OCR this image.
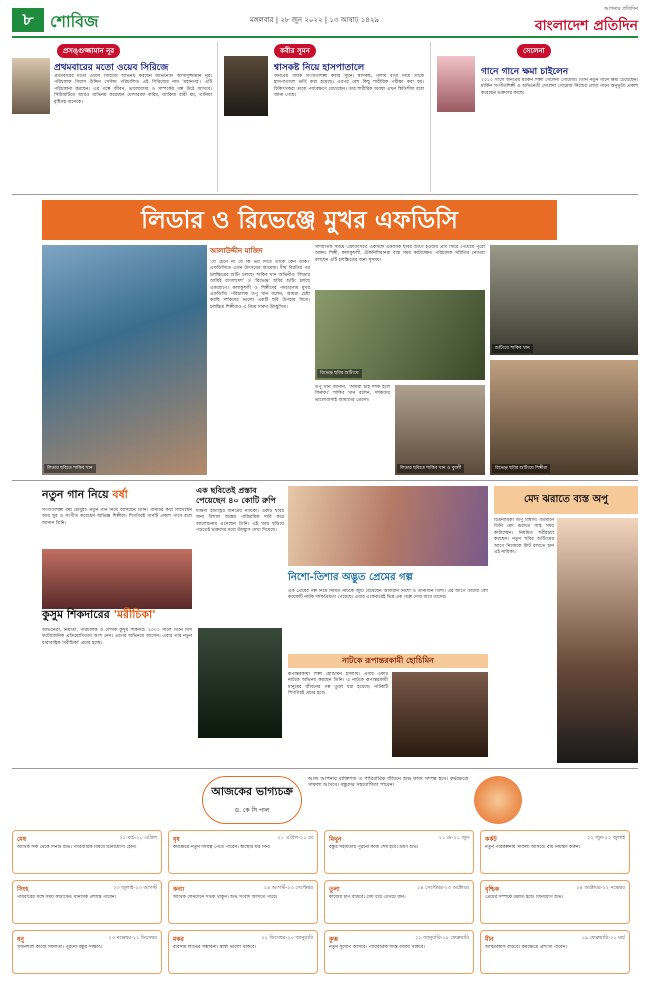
৮	শোবিজ	মঙ্গলবার | ২৮ জুন ২০২২ | ১৩ আষাঢ় ১৪২৯
আপনার প্রতিদিন
বাংলাদেশ প্রতিদিন
প্রসঙ্গুজ্জামান নূর
প্রথমবারের মতো ওয়েব সিরিজে
প্রথমবারের মতো ওয়েব সিরিজে অভিনয় করছেন অভিনেতা আসাদুজ্জামান নূর। পরিচালক গিয়াস উদ্দিন সেলিম পরিচালিত এই সিরিজের নাম 'মহানগর'। এটি পরিচালনা করছেন। এর গল্পে জীবন, ভালোবাসা ও সম্পর্কের গল্প উঠে আসবে। সিরিজটিতে আরও অভিনয় করেছেন মোশাররফ করিম, জাকিয়া বারী মম, তানিয়া বৃষ্টিসহ অনেকে।
কবীর সুমন
শ্বাসকষ্ট নিয়ে হাসপাতালে
জনপ্রিয় গায়ক সংগীতশিল্পী কবীর সুমন। শ্বাসকষ্ট, গলায় ব্যথা নিয়ে তাকে হাসপাতালে ভর্তি করা হয়েছে। এরপর বেশ কিছু শারীরিক পরীক্ষা করা হয়। চিকিৎসকরা তাকে পর্যবেক্ষণে রেখেছেন। তার শারীরিক অবস্থা এখন স্থিতিশীল বলে জানা গেছে।
সেলেনা
গানে গানে ক্ষমা চাইলেন
২০১০ সালে জনপ্রিয় মার্কিন শিল্পী সেলেনা গোমেজ। তিনি নতুন গানে ক্ষমা চেয়েছেন। মার্কিন সংগীতশিল্পী ও অভিনেত্রী সেলেনা গোমেজ নিজের লেখা গানে অনুভূতি প্রকাশ করেছেন ভক্তদের কাছে।
লিডার ও রিভেঞ্জে মুখর এফডিসি
লিডার ছবিতে শাকিব খান
আলাউদ্দীন মাজিদ
'যে চেনে না যে কি ভয় দিতে তাকে কেন ডাক।' এফডিসিতে এখন উৎসবের আমেজ। দীর্ঘ বিরতির পর চলচ্চিত্রের শুটিং চলছে। শাকিব খান অভিনীত 'লিডার আমিই বাংলাদেশ' ও 'রিভেঞ্জ' ছবির শুটিং চলছে একযোগে। কলাকুশলী ও শিল্পীদের পদচারণায় মুখর এফডিসি। পরিচালক তপু খান বলেন, আমরা চেষ্টা করছি দর্শকদের ভালো একটি ছবি উপহার দিতে। চলচ্চিত্র শিল্পীরাও এ নিয়ে দারুণ উচ্ছ্বসিত।
সাম্প্রতিক সময়ে এফডিসিতে একসঙ্গে একাধিক ছবির শুটিং হওয়ায় প্রাণ ফিরে পেয়েছে পুরো অঙ্গন। শিল্পী, কলাকুশলী, টেকনিশিয়ানরা ব্যস্ত সময় কাটাচ্ছেন। পরিচালক সমিতির নেতারা বলছেন এটি চলচ্চিত্রের জন্য সুসময়।
রিভেঞ্জ ছবির শুটিংয়ে
তপু খান জানান, 'আমরা চাই দর্শক হলে ফিরুক।' শাকিব খান বলেন, দর্শকদের ভালোবাসাই আমাদের প্রেরণা।
লিডার ছবিতে শাকিব খান ও বুবলী
শুটিংয়ে শাকিব খান
রিভেঞ্জ ছবির শুটিংয়ে শিল্পীরা
নতুন গান নিয়ে বর্ষা
সংগীতশিল্পী বর্ষা চৌধুরী। নতুন গান নিয়ে আসছেন তিনি। গানটির কথা লিখেছেন আর সুর ও সংগীত করেছেন অভিজ্ঞ শিল্পীরা। শিগগিরই গানটি প্রকাশ পাবে বলে জানান তিনি।
এক ছবিতেই প্রস্তাব পেয়েছেন ৪০ কোটি রুপি
দক্ষিণী ইন্ডাস্ট্রির জনপ্রিয় নায়িকা। একটি ছবির জন্য বিশাল অঙ্কের পারিশ্রমিক দাবি করে আলোচনায় এসেছেন তিনি। এই খবর ছড়িয়ে পড়তেই ভক্তদের মধ্যে উচ্ছ্বাস দেখা দিয়েছে।
নিশো-তিশার অদ্ভুত প্রেমের গল্প
এক প্রেমের গল্প নিয়ে নির্মিত নাটকে জুটি বেঁধেছেন আফরান নিশো ও তানজিন তিশা। এর আগে তাদের বেশ কয়েকটি নাটক দর্শকপ্রিয়তা পেয়েছে। এবার একেবারেই ভিন্ন এক গল্পে দেখা যাবে তাদের।
মেদ ঝরাতে ব্যস্ত অপু
চিত্রনায়িকা অপু বিশ্বাস। বর্তমানে তিনি মেদ ঝরাতে ব্যস্ত সময় কাটাচ্ছেন। নিয়মিত শরীরচর্চা করছেন। নতুন ছবির শুটিংয়ের আগে নিজেকে ফিট রাখতে চান এই নায়িকা।
কুসুম শিকদারের 'মরীচিকা'
অভিনেত্রী, নির্মাতা, পরিচালক ও লেখক কুসুম শিকদার। ২০০১ সালে তিনি মিস ফটোজেনিক প্রতিযোগিতায় অংশ নেন। এরপর অভিনয়ে আসেন। এবার তার নতুন ধারাবাহিক 'মরীচিকা' প্রচার হচ্ছে।
নাটকে রূপান্তরকামী হোচিমিন
রূপান্তরকামী শিল্পী হোচিমিন ইসলাম। এবার একটি নাটকে অভিনয় করছেন তিনি। এ নাটকে রূপান্তরকামী মানুষের জীবনের গল্প তুলে ধরা হয়েছে। নাটকটি শিগগিরই প্রচার হবে।
আজকের ভাগ্যচক্র
ড. কে সি পাল
আজ আপনার ব্যক্তিগত ও পারিবারিক জীবনে শুভ কাজ সম্পন্ন হবে। কর্মক্ষেত্রে সাফল্য আসবে। বন্ধুদের সহযোগিতা পাবেন।
মেষ	২১ মার্চ-২০ এপ্রিল
আর্থিক দিক থেকে দিনটি শুভ। পারিবারিক বিষয়ে মনোযোগী হোন।
বৃষ	২১ এপ্রিল-২০ মে
কর্মক্ষেত্রে নতুন দায়িত্ব পেতে পারেন। স্বাস্থ্যের যত্ন নিন।
মিথুন	২১ মে-২১ জুন
বন্ধুর সহায়তায় পুরনো কাজ শেষ হবে। ভ্রমণ শুভ।
কর্কট	২২ জুন-২২ জুলাই
নতুন পরিকল্পনায় সাফল্য আসবে। ব্যয় নিয়ন্ত্রণ করুন।
সিংহ	২৩ জুলাই-২৩ আগস্ট
পরিবারের সঙ্গে সময় কাটাবেন। মানসিক প্রশান্তি পাবেন।
কন্যা	২৪ আগস্ট-২৩ সেপ্টেম্বর
আর্থিক লেনদেনে সতর্ক থাকুন। শুভ সংবাদ আসতে পারে।
তুলা	২৪ সেপ্টেম্বর-২৩ অক্টোবর
কাজের চাপ বাড়বে। ধৈর্য ধরে এগিয়ে যান।
বৃশ্চিক	২৪ অক্টোবর-২২ নভেম্বর
প্রেমের সম্পর্কে উন্নতি হবে। বিনিয়োগ শুভ।
ধনু	২৩ নভেম্বর-২১ ডিসেম্বর
সৃজনশীল কাজে সফলতা। পুরনো বন্ধুর সাক্ষাৎ।
মকর	২২ ডিসেম্বর-২০ জানুয়ারি
ব্যবসায় লাভের সম্ভাবনা। স্বাস্থ্য ভালো থাকবে।
কুম্ভ	২১ জানুয়ারি-১৮ ফেব্রুয়ারি
নতুন সুযোগ আসবে। পারিবারিক শান্তি বজায় থাকবে।
মীন	১৯ ফেব্রুয়ারি-২০ মার্চ
আত্মবিশ্বাস বাড়বে। কর্মক্ষেত্রে প্রশংসা পাবেন।
